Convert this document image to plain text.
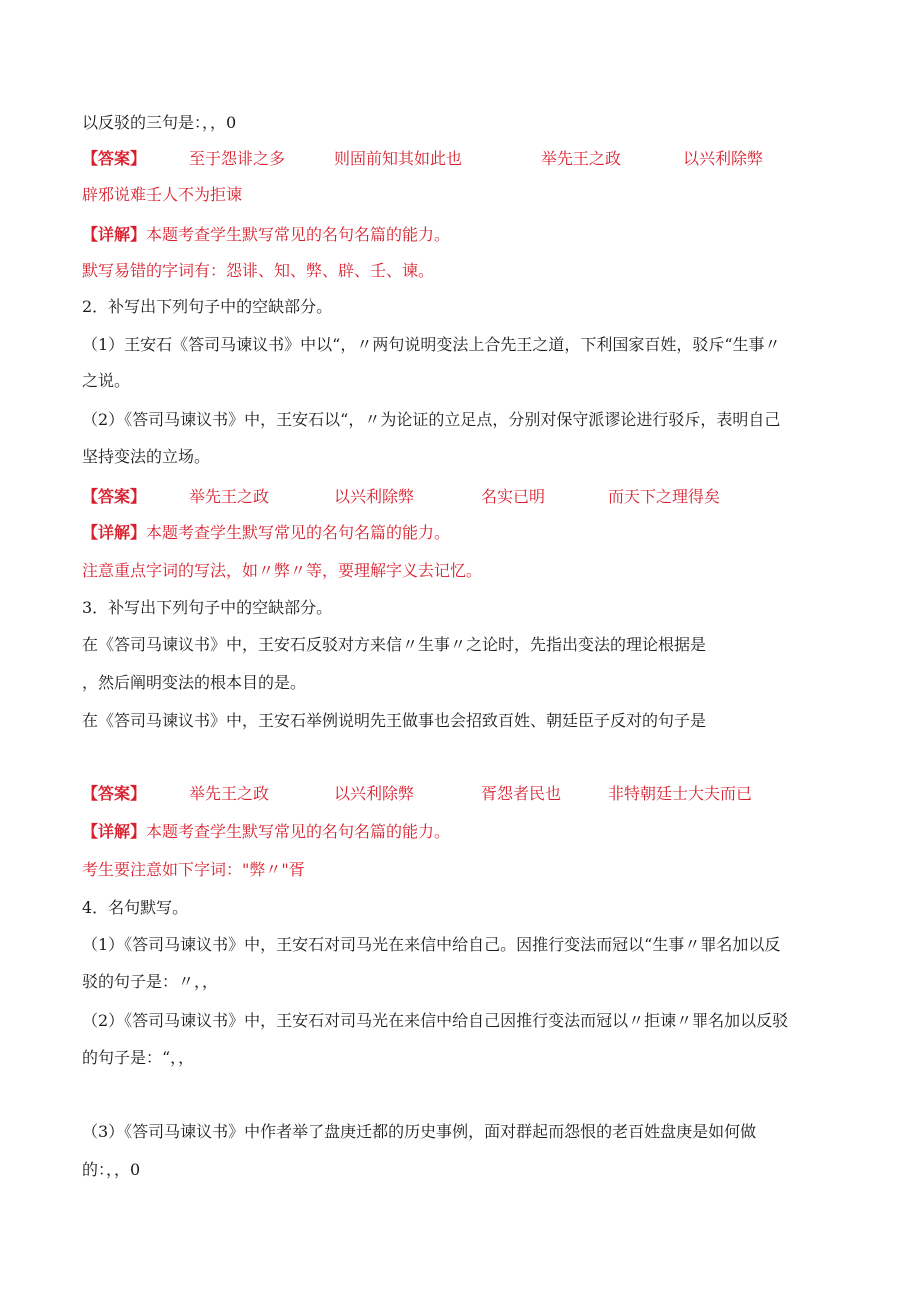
以反驳的三句是：，，0
【答案】	至于怨诽之多	则固前知其如此也	举先王之政	以兴利除弊
辟邪说难壬人不为拒谏
【详解】本题考查学生默写常见的名句名篇的能力。
默写易错的字词有：怨诽、知、弊、辟、壬、谏。
2．补写出下列句子中的空缺部分。
（1）王安石《答司马谏议书》中以“，〃两句说明变法上合先王之道，下利国家百姓，驳斥“生事〃
之说。
（2）《答司马谏议书》中，王安石以“，〃为论证的立足点，分别对保守派谬论进行驳斥，表明自己
坚持变法的立场。
【答案】	举先王之政	以兴利除弊	名实已明	而天下之理得矣
【详解】本题考查学生默写常见的名句名篇的能力。
注意重点字词的写法，如〃弊〃等，要理解字义去记忆。
3．补写出下列句子中的空缺部分。
在《答司马谏议书》中，王安石反驳对方来信〃生事〃之论时，先指出变法的理论根据是
，然后阐明变法的根本目的是。
在《答司马谏议书》中，王安石举例说明先王做事也会招致百姓、朝廷臣子反对的句子是
【答案】	举先王之政	以兴利除弊	胥怨者民也	非特朝廷士大夫而已
【详解】本题考查学生默写常见的名句名篇的能力。
考生要注意如下字词："弊〃"胥
4．名句默写。
（1）《答司马谏议书》中，王安石对司马光在来信中给自己。因推行变法而冠以“生事〃罪名加以反
驳的句子是：〃，，
（2）《答司马谏议书》中，王安石对司马光在来信中给自己因推行变法而冠以〃拒谏〃罪名加以反驳
的句子是：“，，
（3）《答司马谏议书》中作者举了盘庚迁都的历史事例，面对群起而怨恨的老百姓盘庚是如何做
的：，，0
